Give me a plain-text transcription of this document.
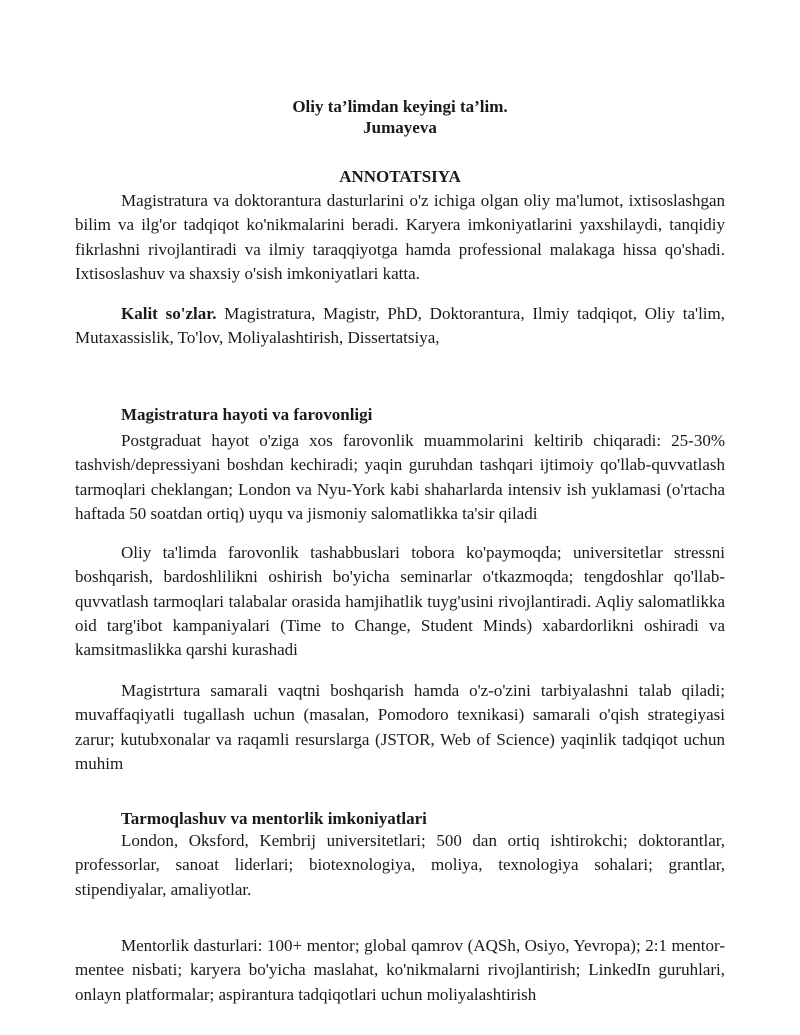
Oliy ta’limdan keyingi ta’lim.
Jumayeva
ANNOTATSIYA

Magistratura va doktorantura dasturlarini o'z ichiga olgan oliy ma'lumot, ixtisoslashgan bilim va ilg'or tadqiqot ko'nikmalarini beradi. Karyera imkoniyatlarini yaxshilaydi, tanqidiy fikrlashni rivojlantiradi va ilmiy taraqqiyotga hamda professional malakaga hissa qo'shadi. Ixtisoslashuv va shaxsiy o'sish imkoniyatlari katta.

Kalit so'zlar. Magistratura, Magistr, PhD, Doktorantura, Ilmiy tadqiqot, Oliy ta'lim, Mutaxassislik, To'lov, Moliyalashtirish, Dissertatsiya,

Magistratura hayoti va farovonligi

Postgraduat hayot o'ziga xos farovonlik muammolarini keltirib chiqaradi: 25-30% tashvish/depressiyani boshdan kechiradi; yaqin guruhdan tashqari ijtimoiy qo'llab-quvvatlash tarmoqlari cheklangan; London va Nyu-York kabi shaharlarda intensiv ish yuklamasi (o'rtacha haftada 50 soatdan ortiq) uyqu va jismoniy salomatlikka ta'sir qiladi

Oliy ta'limda farovonlik tashabbuslari tobora ko'paymoqda; universitetlar stressni boshqarish, bardoshlilikni oshirish bo'yicha seminarlar o'tkazmoqda; tengdoshlar qo'llab-quvvatlash tarmoqlari talabalar orasida hamjihatlik tuyg'usini rivojlantiradi. Aqliy salomatlikka oid targ'ibot kampaniyalari (Time to Change, Student Minds) xabardorlikni oshiradi va kamsitmaslikka qarshi kurashadi

Magistrtura samarali vaqtni boshqarish hamda o'z-o'zini tarbiyalashni talab qiladi; muvaffaqiyatli tugallash uchun (masalan, Pomodoro texnikasi) samarali o'qish strategiyasi zarur; kutubxonalar va raqamli resurslarga (JSTOR, Web of Science) yaqinlik tadqiqot uchun muhim

Tarmoqlashuv va mentorlik imkoniyatlari

London, Oksford, Kembrij universitetlari; 500 dan ortiq ishtirokchi; doktorantlar, professorlar, sanoat liderlari; biotexnologiya, moliya, texnologiya sohalari; grantlar, stipendiyalar, amaliyotlar.

Mentorlik dasturlari: 100+ mentor; global qamrov (AQSh, Osiyo, Yevropa); 2:1 mentor-mentee nisbati; karyera bo'yicha maslahat, ko'nikmalarni rivojlantirish; LinkedIn guruhlari, onlayn platformalar; aspirantura tadqiqotlari uchun moliyalashtirish
